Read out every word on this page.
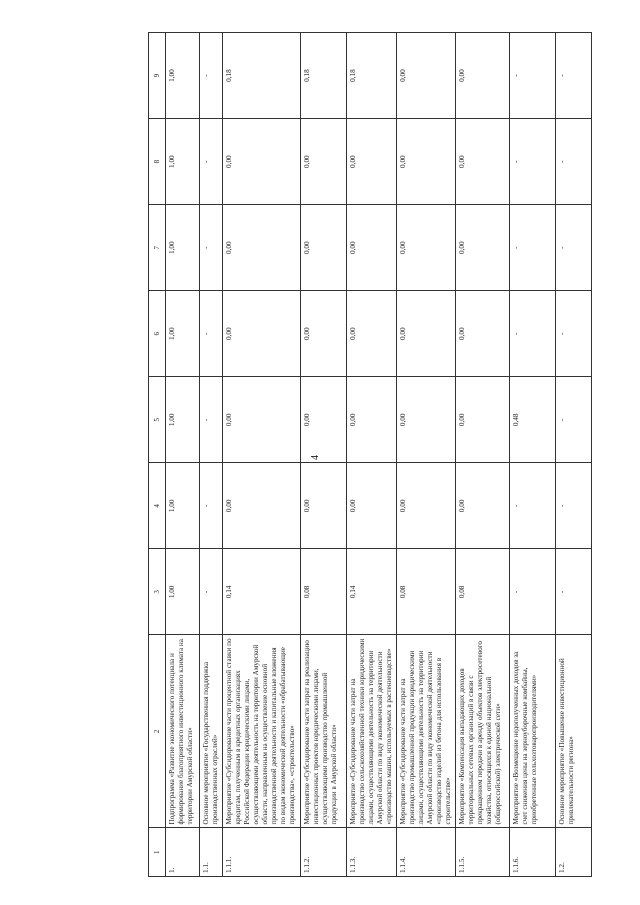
4
1	2	3	4	5	6	7	8	9
1.	Подпрограмма «Развитие экономического потенциала и формирование благоприятного инвестиционного климата на территории Амурской области»	1,00	1,00	1,00	1,00	1,00	1,00	1,00
1.1.	Основное мероприятие «Государственная поддержка производственных отраслей»	-	-	-	-	-	-	-
1.1.1.	Мероприятие «Субсидирование части процентной ставки по кредитам, полученным в кредитных организациях Российской Федерации юридическими лицами, осуществляющими деятельность на территории Амурской области, направленным на осуществление основной производственной деятельности и капитальные вложения по видам экономической деятельности «обрабатывающие производства», «строительство»	0,14	0,00	0,00	0,00	0,00	0,00	0,18
1.1.2.	Мероприятие «Субсидирование части затрат на реализацию инвестиционных проектов юридическими лицами, осуществляющими производство промышленной продукции в Амурской области»	0,08	0,00	0,00	0,00	0,00	0,00	0,18
1.1.3.	Мероприятие «Субсидирование части затрат на производство сельскохозяйственной техники юридическими лицами, осуществляющими деятельность на территории Амурской области по виду экономической деятельности «производство машин, используемых в растениеводстве»	0,14	0,00	0,00	0,00	0,00	0,00	0,18
1.1.4.	Мероприятие «Субсидирование части затрат на производство промышленной продукции юридическими лицами, осуществляющими деятельность на территории Амурской области по виду экономической деятельности «производство изделий из бетона для использования в строительстве»	0,08	0,00	0,00	0,00	0,00	0,00	0,00
1.1.5.	Мероприятие «Компенсация выпадающих доходов территориальных сетевых организаций в связи с прекращением передачи в аренду объектов электросетевого хозяйства, относящихся к единой национальной (общероссийской) электрической сети»	0,08	0,00	0,00	0,00	0,00	0,00	0,00
1.1.6.	Мероприятие «Возмещение недополученных доходов за счет снижения цены на зерноуборочные комбайны, приобретенные сельхозтоваропроизводителями»	-	-	0,48	-	-	-	-
1.2.	Основное мероприятие «Повышение инвестиционной привлекательности региона»	-	-	-	-	-	-	-
